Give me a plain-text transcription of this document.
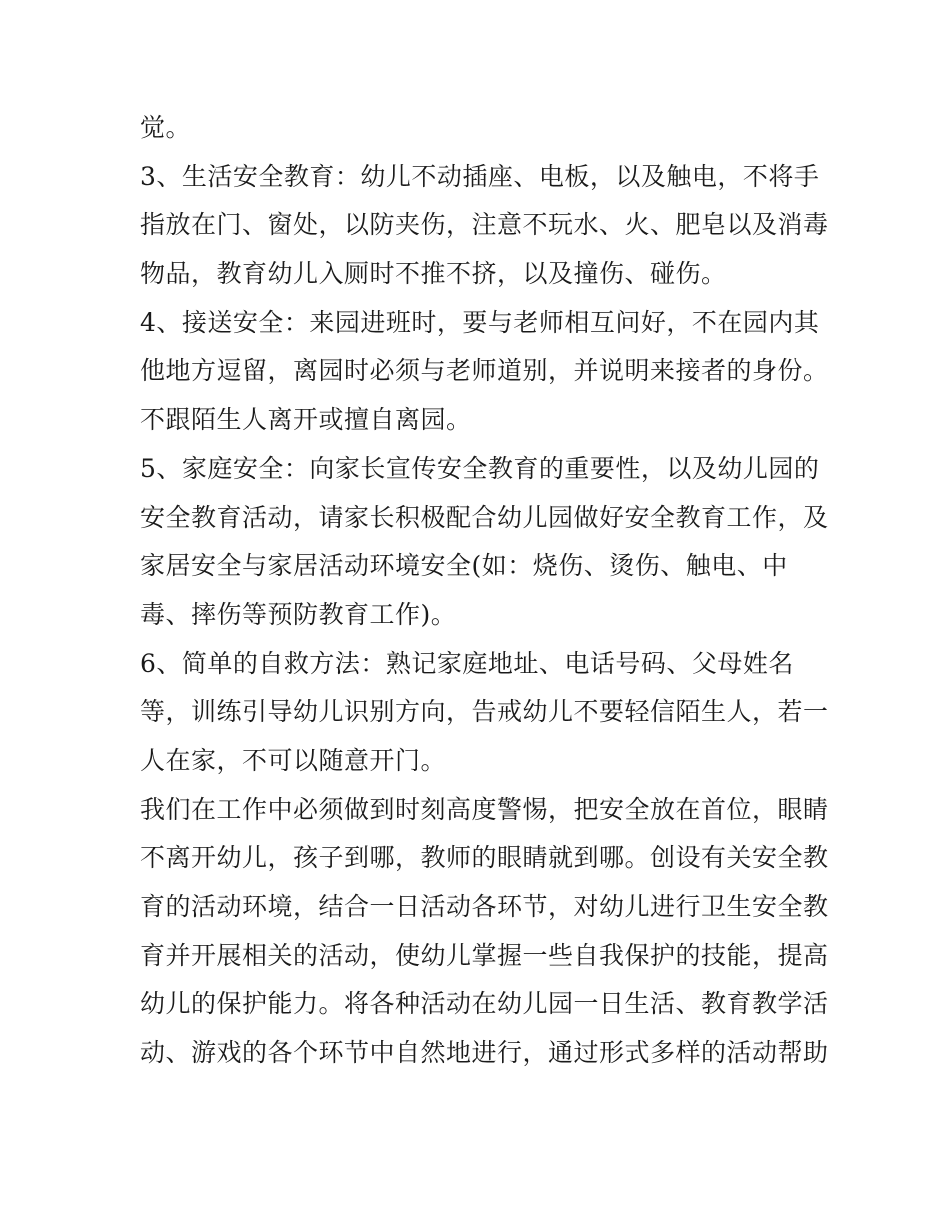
觉。
3、生活安全教育：幼儿不动插座、电板，以及触电，不将手
指放在门、窗处，以防夹伤，注意不玩水、火、肥皂以及消毒
物品，教育幼儿入厕时不推不挤，以及撞伤、碰伤。
4、接送安全：来园进班时，要与老师相互问好，不在园内其
他地方逗留，离园时必须与老师道别，并说明来接者的身份。
不跟陌生人离开或擅自离园。
5、家庭安全：向家长宣传安全教育的重要性，以及幼儿园的
安全教育活动，请家长积极配合幼儿园做好安全教育工作，及
家居安全与家居活动环境安全(如：烧伤、烫伤、触电、中
毒、摔伤等预防教育工作)。
6、简单的自救方法：熟记家庭地址、电话号码、父母姓名
等，训练引导幼儿识别方向，告戒幼儿不要轻信陌生人，若一
人在家，不可以随意开门。
我们在工作中必须做到时刻高度警惕，把安全放在首位，眼睛
不离开幼儿，孩子到哪，教师的眼睛就到哪。创设有关安全教
育的活动环境，结合一日活动各环节，对幼儿进行卫生安全教
育并开展相关的活动，使幼儿掌握一些自我保护的技能，提高
幼儿的保护能力。将各种活动在幼儿园一日生活、教育教学活
动、游戏的各个环节中自然地进行，通过形式多样的活动帮助
